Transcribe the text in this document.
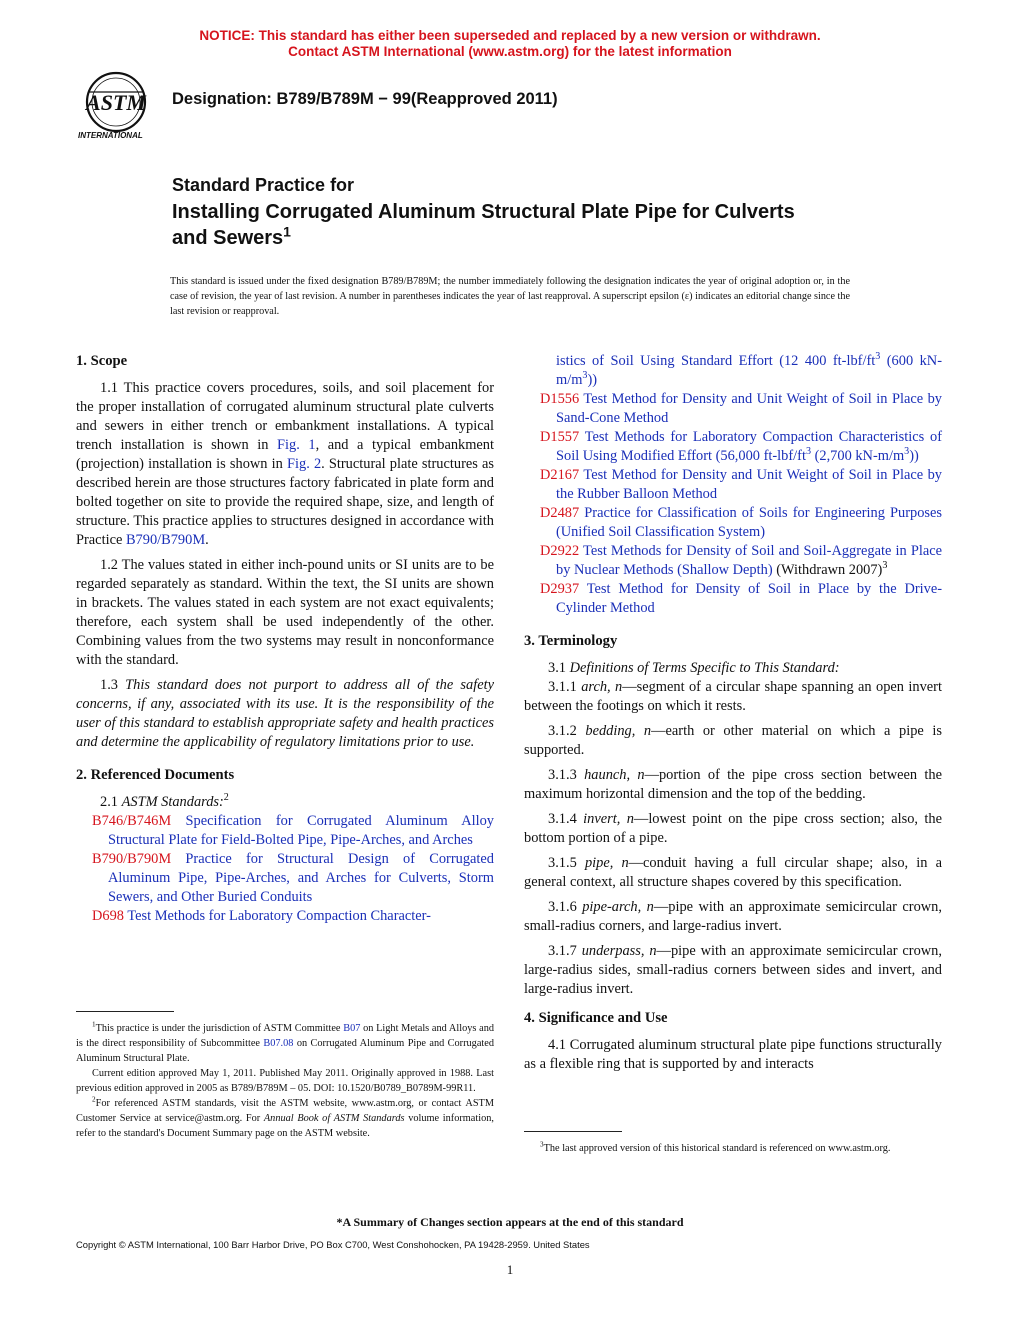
NOTICE: This standard has either been superseded and replaced by a new version or withdrawn.
Contact ASTM International (www.astm.org) for the latest information
ASTM
INTERNATIONAL
Designation: B789/B789M − 99(Reapproved 2011)
Standard Practice for
Installing Corrugated Aluminum Structural Plate Pipe for Culverts and Sewers$^1$
This standard is issued under the fixed designation B789/B789M; the number immediately following the designation indicates the year of original adoption or, in the case of revision, the year of last revision. A number in parentheses indicates the year of last reapproval. A superscript epsilon (ε) indicates an editorial change since the last revision or reapproval.
1. Scope

1.1 This practice covers procedures, soils, and soil placement for the proper installation of corrugated aluminum structural plate culverts and sewers in either trench or embankment installations. A typical trench installation is shown in Fig. 1, and a typical embankment (projection) installation is shown in Fig. 2. Structural plate structures as described herein are those structures factory fabricated in plate form and bolted together on site to provide the required shape, size, and length of structure. This practice applies to structures designed in accordance with Practice B790/B790M.

1.2 The values stated in either inch-pound units or SI units are to be regarded separately as standard. Within the text, the SI units are shown in brackets. The values stated in each system are not exact equivalents; therefore, each system shall be used independently of the other. Combining values from the two systems may result in nonconformance with the standard.

1.3 This standard does not purport to address all of the safety concerns, if any, associated with its use. It is the responsibility of the user of this standard to establish appropriate safety and health practices and determine the applicability of regulatory limitations prior to use.

2. Referenced Documents

2.1 ASTM Standards:$^2$

B746/B746M Specification for Corrugated Aluminum Alloy Structural Plate for Field-Bolted Pipe, Pipe-Arches, and Arches
B790/B790M Practice for Structural Design of Corrugated Aluminum Pipe, Pipe-Arches, and Arches for Culverts, Storm Sewers, and Other Buried Conduits
D698 Test Methods for Laboratory Compaction Character-

$^1$This practice is under the jurisdiction of ASTM Committee B07 on Light Metals and Alloys and is the direct responsibility of Subcommittee B07.08 on Corrugated Aluminum Pipe and Corrugated Aluminum Structural Plate.

Current edition approved May 1, 2011. Published May 2011. Originally approved in 1988. Last previous edition approved in 2005 as B789/B789M – 05. DOI: 10.1520/B0789_B0789M-99R11.

$^2$For referenced ASTM standards, visit the ASTM website, www.astm.org, or contact ASTM Customer Service at service@astm.org. For Annual Book of ASTM Standards volume information, refer to the standard's Document Summary page on the ASTM website.

istics of Soil Using Standard Effort (12 400 $ft-lbf/ft^3$ (600 $kN-m/m^3$))
D1556 Test Method for Density and Unit Weight of Soil in Place by Sand-Cone Method
D1557 Test Methods for Laboratory Compaction Characteristics of Soil Using Modified Effort (56,000 $ft-lbf/ft^3$ (2,700 $kN-m/m^3$))
D2167 Test Method for Density and Unit Weight of Soil in Place by the Rubber Balloon Method
D2487 Practice for Classification of Soils for Engineering Purposes (Unified Soil Classification System)
D2922 Test Methods for Density of Soil and Soil-Aggregate in Place by Nuclear Methods (Shallow Depth) (Withdrawn 2007)$^3$
D2937 Test Method for Density of Soil in Place by the Drive-Cylinder Method
3. Terminology

3.1 Definitions of Terms Specific to This Standard:

3.1.1 arch, n—segment of a circular shape spanning an open invert between the footings on which it rests.

3.1.2 bedding, n—earth or other material on which a pipe is supported.

3.1.3 haunch, n—portion of the pipe cross section between the maximum horizontal dimension and the top of the bedding.

3.1.4 invert, n—lowest point on the pipe cross section; also, the bottom portion of a pipe.

3.1.5 pipe, n—conduit having a full circular shape; also, in a general context, all structure shapes covered by this specification.

3.1.6 pipe-arch, n—pipe with an approximate semicircular crown, small-radius corners, and large-radius invert.

3.1.7 underpass, n—pipe with an approximate semicircular crown, large-radius sides, small-radius corners between sides and invert, and large-radius invert.

4. Significance and Use

4.1 Corrugated aluminum structural plate pipe functions structurally as a flexible ring that is supported by and interacts

$^3$The last approved version of this historical standard is referenced on www.astm.org.

*A Summary of Changes section appears at the end of this standard
Copyright © ASTM International, 100 Barr Harbor Drive, PO Box C700, West Conshohocken, PA 19428-2959. United States
1
